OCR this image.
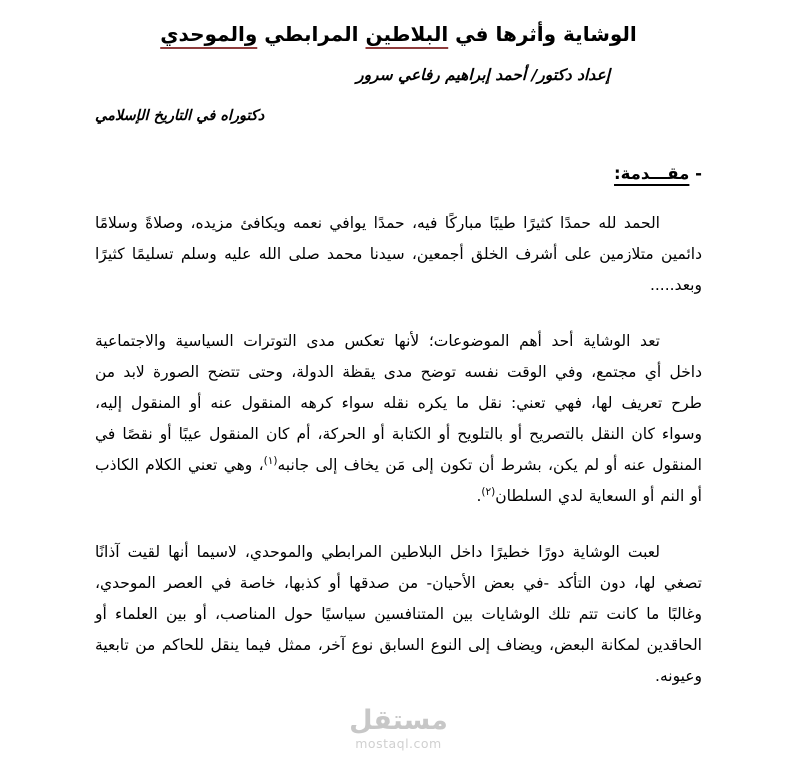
مستقل
mostaql.com
الوشاية وأثرها في البلاطين المرابطي والموحدي
إعداد دكتور/ أحمد إبراهيم رفاعي سرور
دكتوراه في التاريخ الإسلامي
- مقـــدمة:

الحمد لله حمدًا كثيرًا طيبًا مباركًا فيه، حمدًا يوافي نعمه ويكافئ مزيده، وصلاةً وسلامًا دائمين متلازمين على أشرف الخلق أجمعين، سيدنا محمد صلى الله عليه وسلم تسليمًا كثيرًا وبعد.....

تعد الوشاية أحد أهم الموضوعات؛ لأنها تعكس مدى التوترات السياسية والاجتماعية داخل أي مجتمع، وفي الوقت نفسه توضح مدى يقظة الدولة، وحتى تتضح الصورة لابد من طرح تعريف لها، فهي تعني: نقل ما يكره نقله سواء كرهه المنقول عنه أو المنقول إليه، وسواء كان النقل بالتصريح أو بالتلويح أو الكتابة أو الحركة، أم كان المنقول عيبًا أو نقصًا في المنقول عنه أو لم يكن، بشرط أن تكون إلى مَن يخاف إلى جانبه$^{(١)}$، وهي تعني الكلام الكاذب أو النم أو السعاية لدي السلطان$^{(٢)}$.

لعبت الوشاية دورًا خطيرًا داخل البلاطين المرابطي والموحدي، لاسيما أنها لقيت آذانًا تصغي لها، دون التأكد -في بعض الأحيان- من صدقها أو كذبها، خاصة في العصر الموحدي، وغالبًا ما كانت تتم تلك الوشايات بين المتنافسين سياسيًا حول المناصب، أو بين العلماء أو الحاقدين لمكانة البعض، ويضاف إلى النوع السابق نوع آخر، ممثل فيما ينقل للحاكم من تابعية وعيونه.
